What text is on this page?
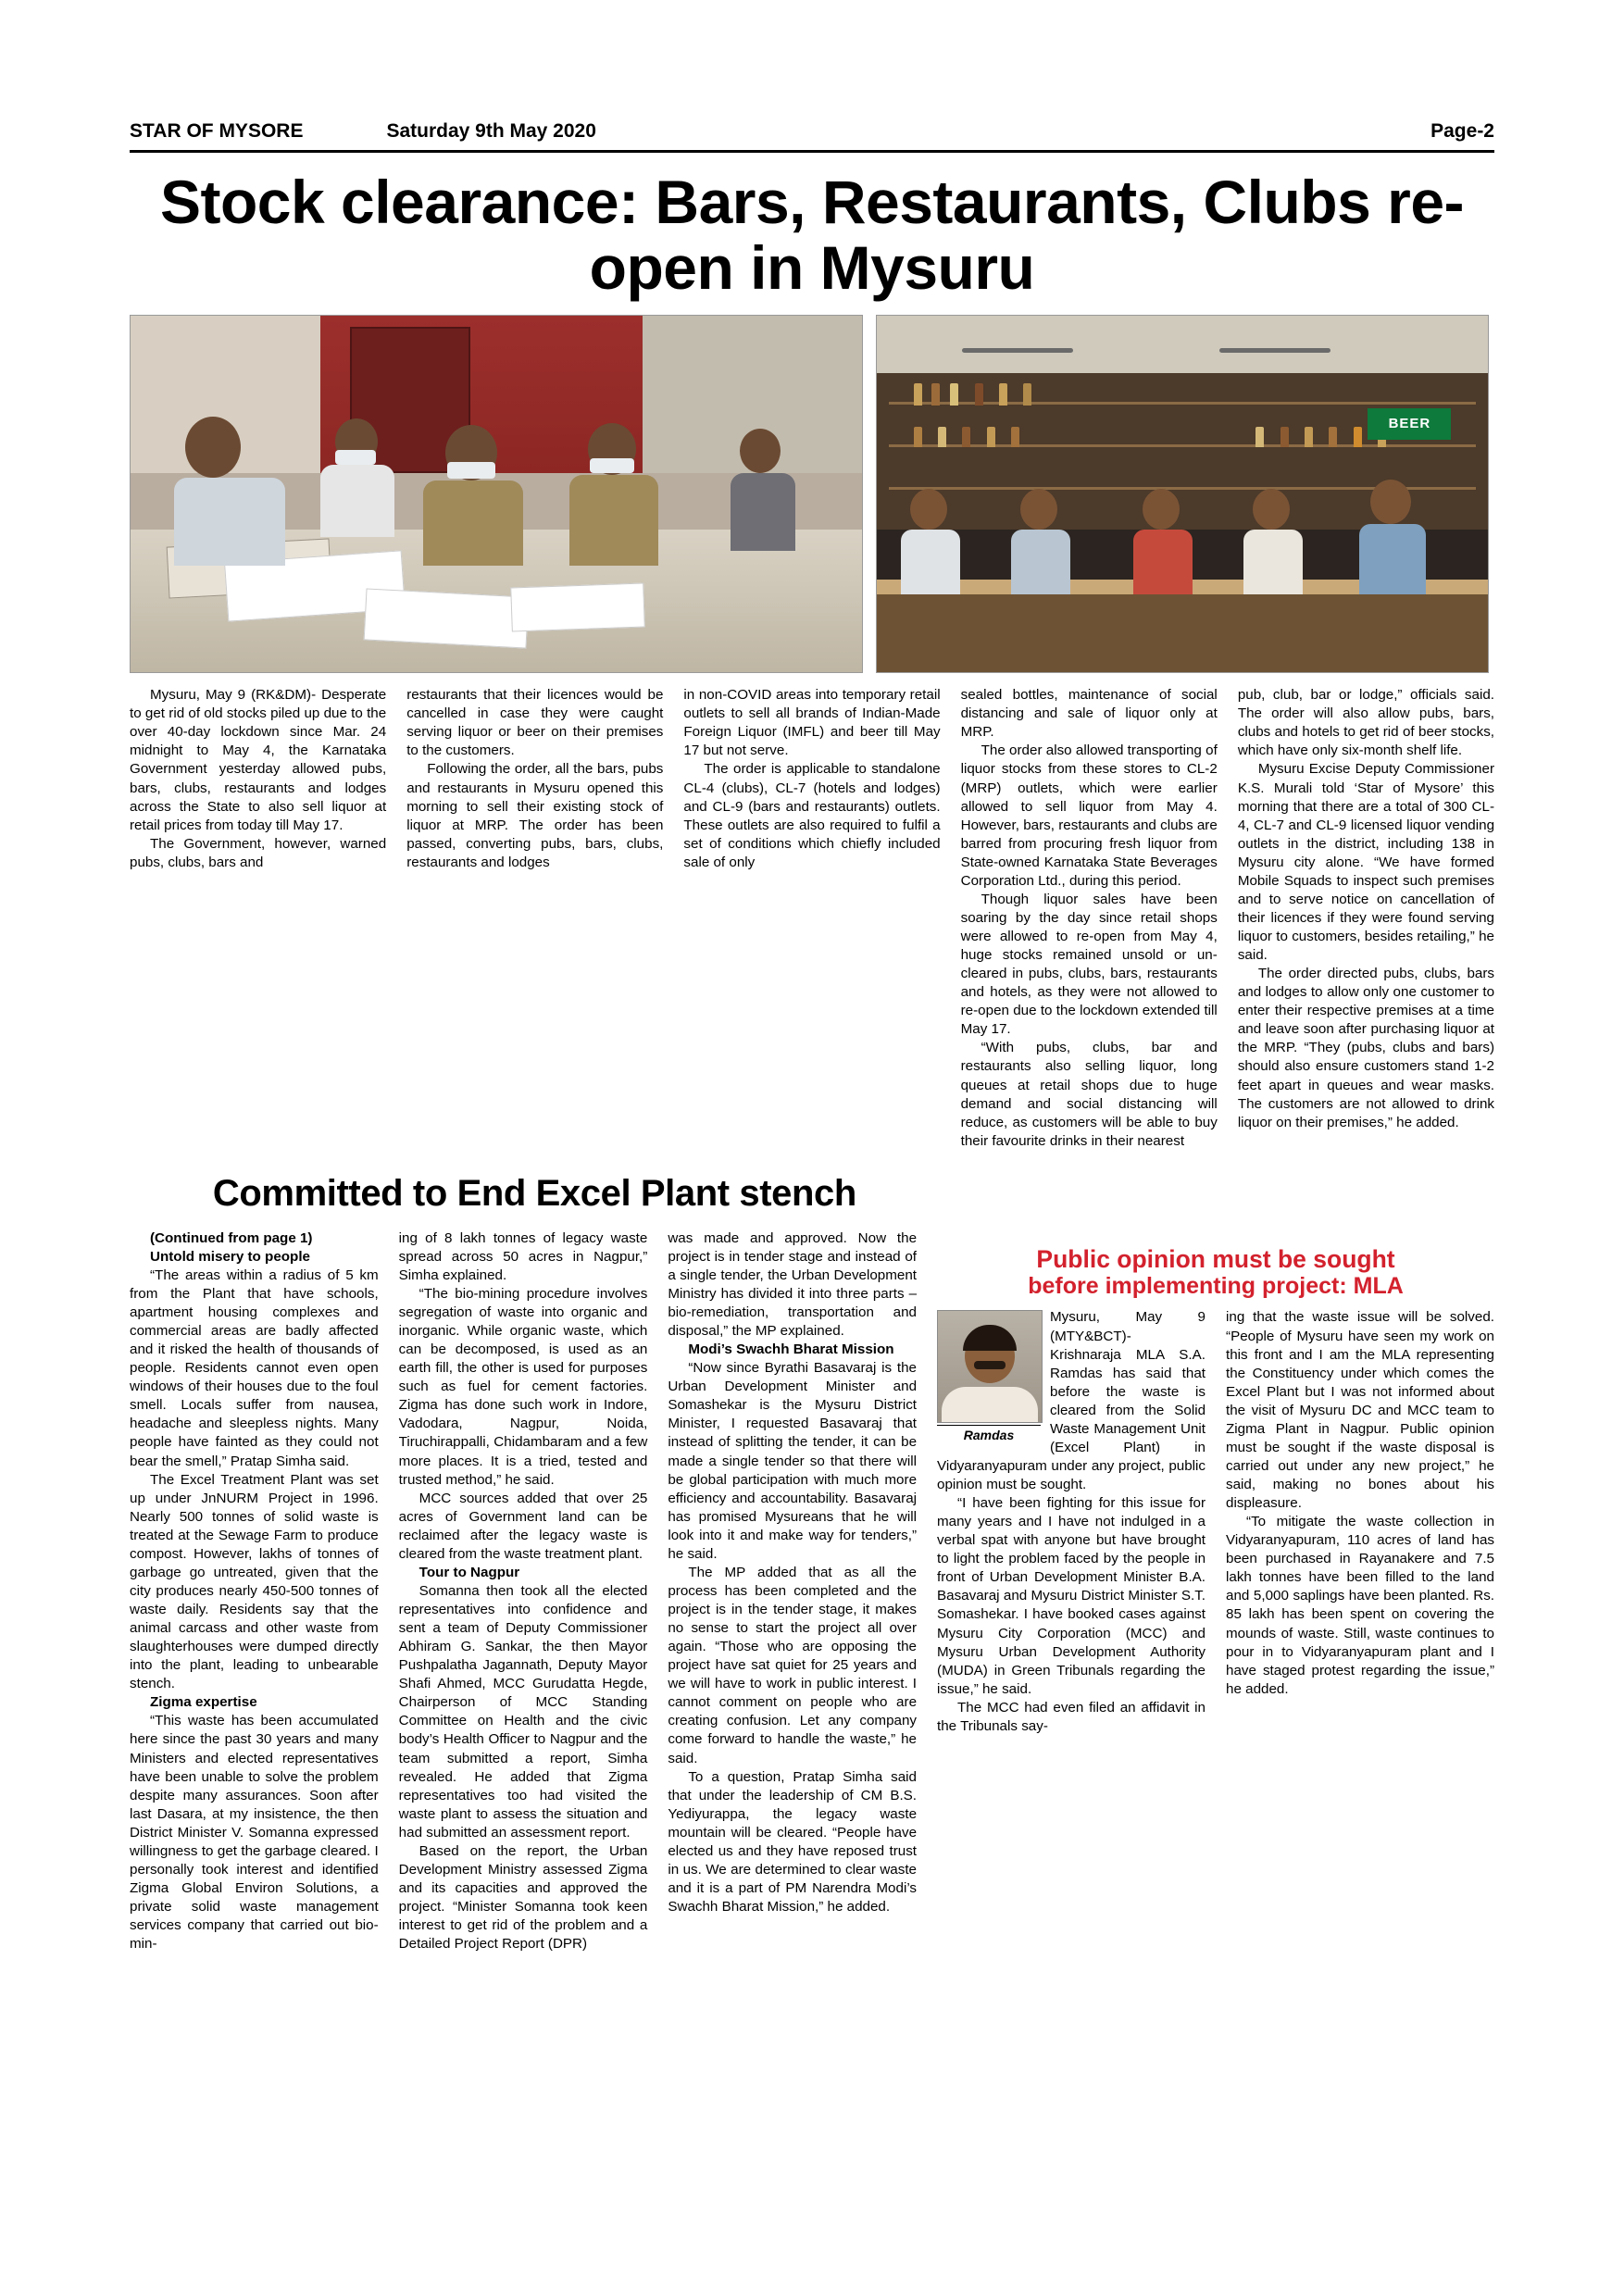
STAR OF MYSORE	Saturday 9th May 2020	Page-2
Stock clearance: Bars, Restaurants, Clubs re-open in Mysuru
BEER

Mysuru, May 9 (RK&DM)- Desperate to get rid of old stocks piled up due to the over 40-day lockdown since Mar. 24 midnight to May 4, the Karnataka Government yesterday allowed pubs, bars, clubs, restaurants and lodges across the State to also sell liquor at retail prices from today till May 17.

The Government, however, warned pubs, clubs, bars and

restaurants that their licences would be cancelled in case they were caught serving liquor or beer on their premises to the customers.

Following the order, all the bars, pubs and restaurants in Mysuru opened this morning to sell their existing stock of liquor at MRP. The order has been passed, converting pubs, bars, clubs, restaurants and lodges

in non-COVID areas into temporary retail outlets to sell all brands of Indian-Made Foreign Liquor (IMFL) and beer till May 17 but not serve.

The order is applicable to standalone CL-4 (clubs), CL-7 (hotels and lodges) and CL-9 (bars and restaurants) outlets. These outlets are also required to fulfil a set of conditions which chiefly included sale of only

sealed bottles, maintenance of social distancing and sale of liquor only at MRP.

The order also allowed transporting of liquor stocks from these stores to CL-2 (MRP) outlets, which were earlier allowed to sell liquor from May 4. However, bars, restaurants and clubs are barred from procuring fresh liquor from State-owned Karnataka State Beverages Corporation Ltd., during this period.

Though liquor sales have been soaring by the day since retail shops were allowed to re-open from May 4, huge stocks remained unsold or un-cleared in pubs, clubs, bars, restaurants and hotels, as they were not allowed to re-open due to the lockdown extended till May 17.

“With pubs, clubs, bar and restaurants also selling liquor, long queues at retail shops due to huge demand and social distancing will reduce, as customers will be able to buy their favourite drinks in their nearest

pub, club, bar or lodge,” officials said. The order will also allow pubs, bars, clubs and hotels to get rid of beer stocks, which have only six-month shelf life.

Mysuru Excise Deputy Commissioner K.S. Murali told ‘Star of Mysore’ this morning that there are a total of 300 CL-4, CL-7 and CL-9 licensed liquor vending outlets in the district, including 138 in Mysuru city alone. “We have formed Mobile Squads to inspect such premises and to serve notice on cancellation of their licences if they were found serving liquor to customers, besides retailing,” he said.

The order directed pubs, clubs, bars and lodges to allow only one customer to enter their respective premises at a time and leave soon after purchasing liquor at the MRP. “They (pubs, clubs and bars) should also ensure customers stand 1-2 feet apart in queues and wear masks. The customers are not allowed to drink liquor on their premises,” he added.

Committed to End Excel Plant stench

(Continued from page 1)

Untold misery to people

“The areas within a radius of 5 km from the Plant that have schools, apartment housing complexes and commercial areas are badly affected and it risked the health of thousands of people. Residents cannot even open windows of their houses due to the foul smell. Locals suffer from nausea, headache and sleepless nights. Many people have fainted as they could not bear the smell,” Pratap Simha said.

The Excel Treatment Plant was set up under JnNURM Project in 1996. Nearly 500 tonnes of solid waste is treated at the Sewage Farm to produce compost. However, lakhs of tonnes of garbage go untreated, given that the city produces nearly 450-500 tonnes of waste daily. Residents say that the animal carcass and other waste from slaughterhouses were dumped directly into the plant, leading to unbearable stench.

Zigma expertise

“This waste has been accumulated here since the past 30 years and many Ministers and elected representatives have been unable to solve the problem despite many assurances. Soon after last Dasara, at my insistence, the then District Minister V. Somanna expressed willingness to get the garbage cleared. I personally took interest and identified Zigma Global Environ Solutions, a private solid waste management services company that carried out bio-min-

ing of 8 lakh tonnes of legacy waste spread across 50 acres in Nagpur,” Simha explained.

“The bio-mining procedure involves segregation of waste into organic and inorganic. While organic waste, which can be decomposed, is used as an earth fill, the other is used for purposes such as fuel for cement factories. Zigma has done such work in Indore, Vadodara, Nagpur, Noida, Tiruchirappalli, Chidambaram and a few more places. It is a tried, tested and trusted method,” he said.

MCC sources added that over 25 acres of Government land can be reclaimed after the legacy waste is cleared from the waste treatment plant.

Tour to Nagpur

Somanna then took all the elected representatives into confidence and sent a team of Deputy Commissioner Abhiram G. Sankar, the then Mayor Pushpalatha Jagannath, Deputy Mayor Shafi Ahmed, MCC Gurudatta Hegde, Chairperson of MCC Standing Committee on Health and the civic body’s Health Officer to Nagpur and the team submitted a report, Simha revealed. He added that Zigma representatives too had visited the waste plant to assess the situation and had submitted an assessment report.

Based on the report, the Urban Development Ministry assessed Zigma and its capacities and approved the project. “Minister Somanna took keen interest to get rid of the problem and a Detailed Project Report (DPR)

was made and approved. Now the project is in tender stage and instead of a single tender, the Urban Development Ministry has divided it into three parts – bio-remediation, transportation and disposal,” the MP explained.

Modi’s Swachh Bharat Mission

“Now since Byrathi Basavaraj is the Urban Development Minister and Somashekar is the Mysuru District Minister, I requested Basavaraj that instead of splitting the tender, it can be made a single tender so that there will be global participation with much more efficiency and accountability. Basavaraj has promised Mysureans that he will look into it and make way for tenders,” he said.

The MP added that as all the process has been completed and the project is in the tender stage, it makes no sense to start the project all over again. “Those who are opposing the project have sat quiet for 25 years and we will have to work in public interest. I cannot comment on people who are creating confusion. Let any company come forward to handle the waste,” he said.

To a question, Pratap Simha said that under the leadership of CM B.S. Yediyurappa, the legacy waste mountain will be cleared. “People have elected us and they have reposed trust in us. We are determined to clear waste and it is a part of PM Narendra Modi’s Swachh Bharat Mission,” he added.

Public opinion must be sought
before implementing project: MLA
Ramdas

Mysuru, May 9 (MTY&BCT)- Krishnaraja MLA S.A. Ramdas has said that before the waste is cleared from the Solid Waste Management Unit (Excel Plant) in Vidyaranyapuram under any project, public opinion must be sought.

“I have been fighting for this issue for many years and I have not indulged in a verbal spat with anyone but have brought to light the problem faced by the people in front of Urban Development Minister B.A. Basavaraj and Mysuru District Minister S.T. Somashekar. I have booked cases against Mysuru City Corporation (MCC) and Mysuru Urban Development Authority (MUDA) in Green Tribunals regarding the issue,” he said.

The MCC had even filed an affidavit in the Tribunals say-

ing that the waste issue will be solved. “People of Mysuru have seen my work on this front and I am the MLA representing the Constituency under which comes the Excel Plant but I was not informed about the visit of Mysuru DC and MCC team to Zigma Plant in Nagpur. Public opinion must be sought if the waste disposal is carried out under any new project,” he said, making no bones about his displeasure.

“To mitigate the waste collection in Vidyaranyapuram, 110 acres of land has been purchased in Rayanakere and 7.5 lakh tonnes have been filled to the land and 5,000 saplings have been planted. Rs. 85 lakh has been spent on covering the mounds of waste. Still, waste continues to pour in to Vidyaranyapuram plant and I have staged protest regarding the issue,” he added.
